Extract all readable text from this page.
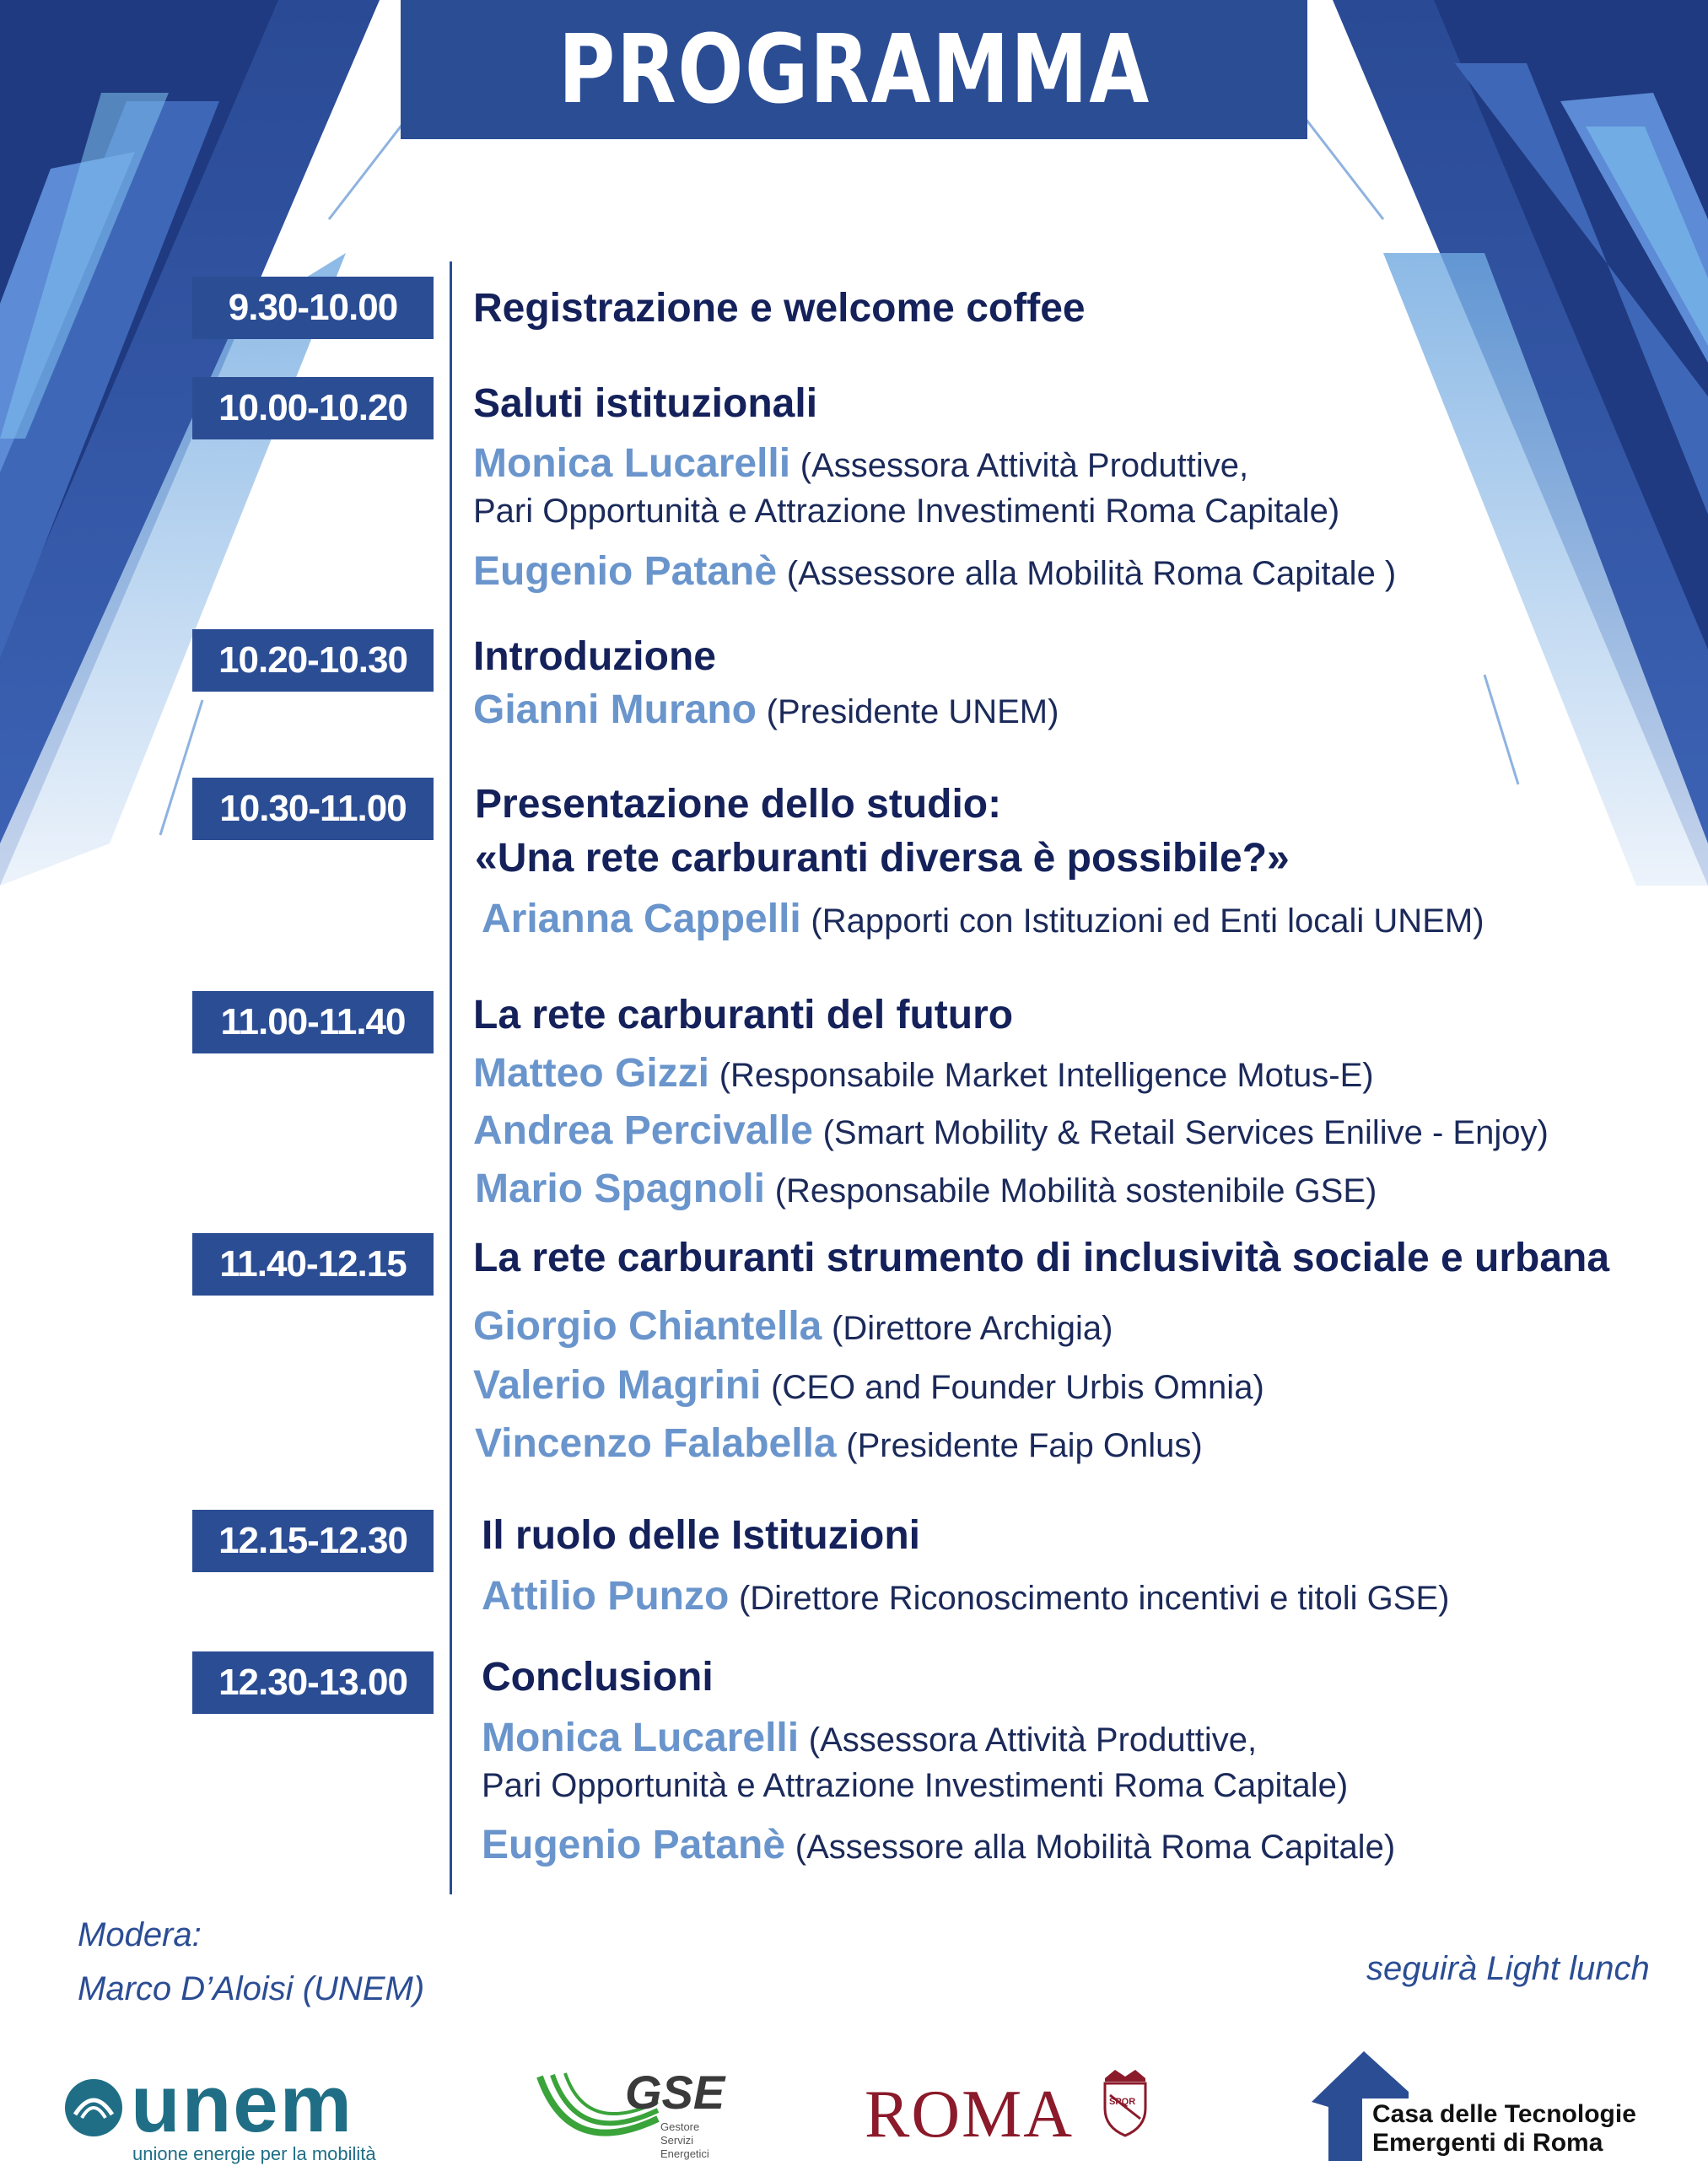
PROGRAMMA
9.30-10.00	Registrazione e welcome coffee
10.00-10.20	Saluti istituzionali
Monica Lucarelli (Assessora Attività Produttive,
Pari Opportunità e Attrazione Investimenti Roma Capitale)
Eugenio Patanè (Assessore alla Mobilità Roma Capitale )
10.20-10.30	Introduzione
Gianni Murano (Presidente UNEM)
10.30-11.00	Presentazione dello studio:
«Una rete carburanti diversa è possibile?»
Arianna Cappelli (Rapporti con Istituzioni ed Enti locali UNEM)
11.00-11.40	La rete carburanti del futuro
Matteo Gizzi (Responsabile Market Intelligence Motus-E)
Andrea Percivalle (Smart Mobility & Retail Services Enilive - Enjoy)
Mario Spagnoli (Responsabile Mobilità sostenibile GSE)
11.40-12.15	La rete carburanti strumento di inclusività sociale e urbana
Giorgio Chiantella (Direttore Archigia)
Valerio Magrini (CEO and Founder Urbis Omnia)
Vincenzo Falabella (Presidente Faip Onlus)
12.15-12.30	Il ruolo delle Istituzioni
Attilio Punzo (Direttore Riconoscimento incentivi e titoli GSE)
12.30-13.00	Conclusioni
Monica Lucarelli (Assessora Attività Produttive,
Pari Opportunità e Attrazione Investimenti Roma Capitale)
Eugenio Patanè (Assessore alla Mobilità Roma Capitale)
Modera:
Marco D’Aloisi (UNEM)
seguirà Light lunch
unem
unione energie per la mobilità
GSE
Gestore
Servizi
Energetici
ROMA	SPQR	Casa delle Tecnologie
Emergenti di Roma
